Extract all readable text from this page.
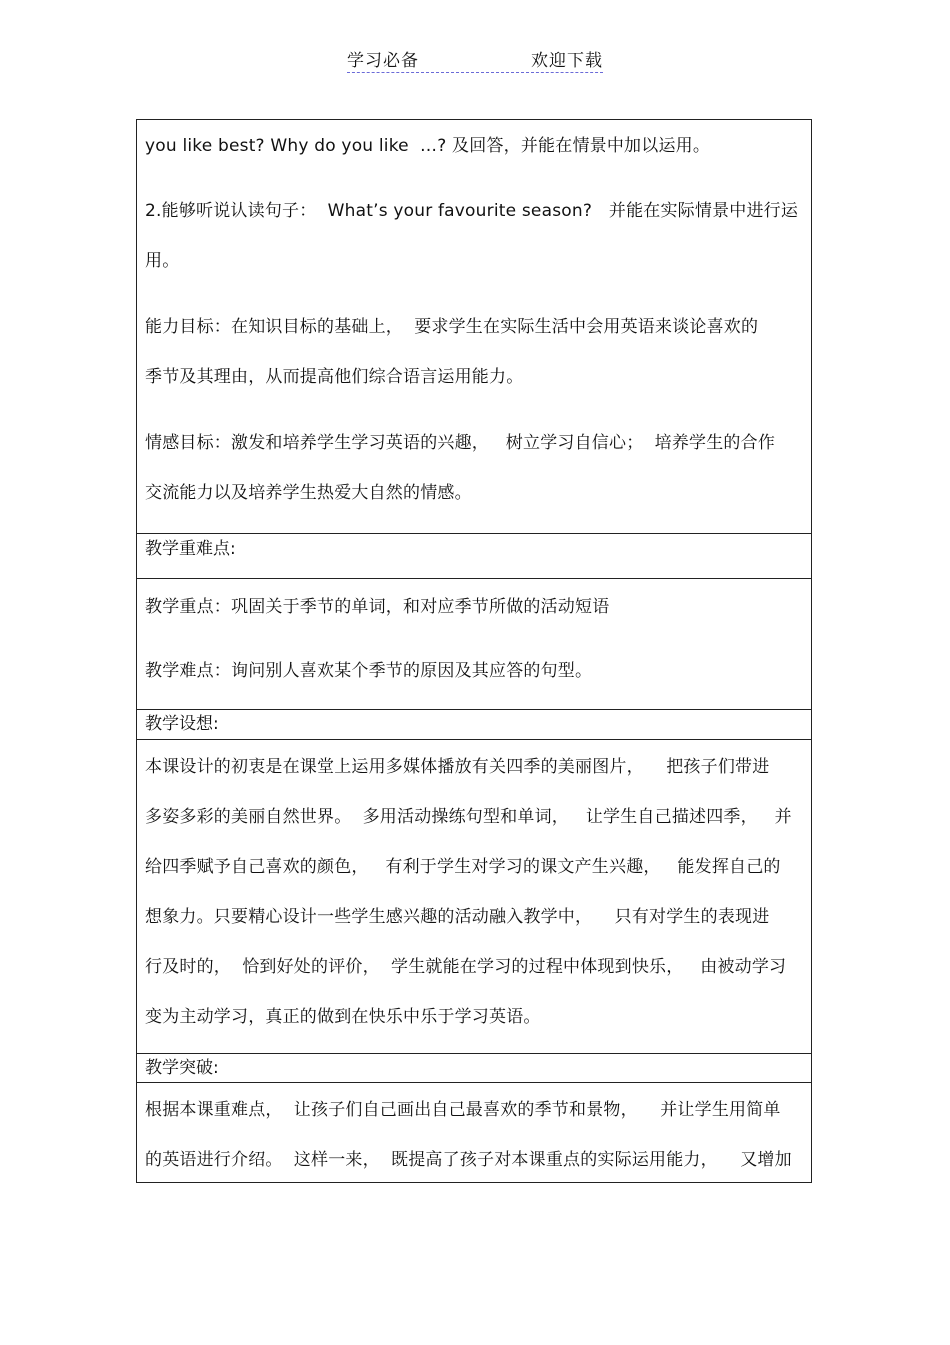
学习必备	欢迎下载
you like best? Why do you like  …? 及回答，并能在情景中加以运用。
2.能够听说认读句子：  What’s your favourite season?   并能在实际情景中进行运
用。
能力目标：在知识目标的基础上，  要求学生在实际生活中会用英语来谈论喜欢的
季节及其理由，从而提高他们综合语言运用能力。
情感目标：激发和培养学生学习英语的兴趣，   树立学习自信心；  培养学生的合作
交流能力以及培养学生热爱大自然的情感。
教学重难点:
教学重点：巩固关于季节的单词，和对应季节所做的活动短语
教学难点：询问别人喜欢某个季节的原因及其应答的句型。
教学设想:
本课设计的初衷是在课堂上运用多媒体播放有关四季的美丽图片，    把孩子们带进
多姿多彩的美丽自然世界。  多用活动操练句型和单词，   让学生自己描述四季，   并
给四季赋予自己喜欢的颜色，   有利于学生对学习的课文产生兴趣，   能发挥自己的
想象力。只要精心设计一些学生感兴趣的活动融入教学中，    只有对学生的表现进
行及时的，  恰到好处的评价，  学生就能在学习的过程中体现到快乐，   由被动学习
变为主动学习，真正的做到在快乐中乐于学习英语。
教学突破:
根据本课重难点，  让孩子们自己画出自己最喜欢的季节和景物，    并让学生用简单
的英语进行介绍。  这样一来，  既提高了孩子对本课重点的实际运用能力，    又增加
